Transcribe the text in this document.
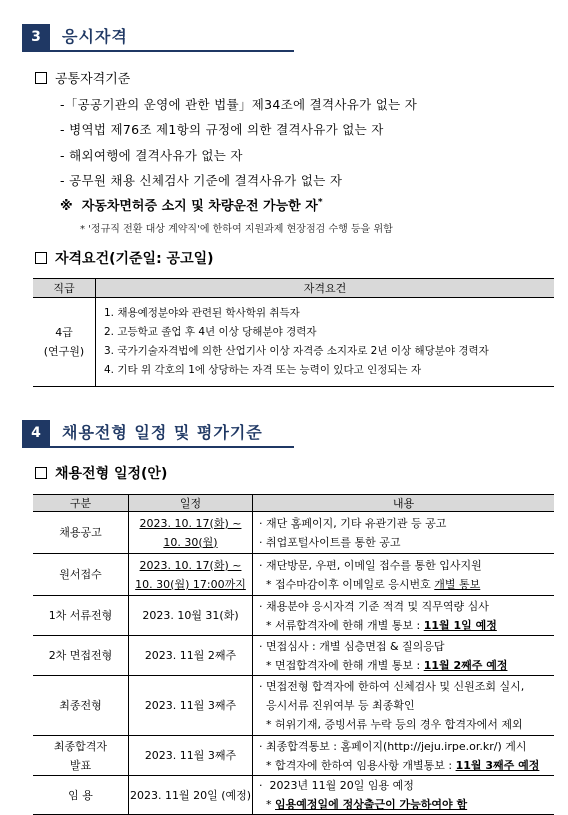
3	응시자격
공통자격기준
-「공공기관의 운영에 관한 법률」제34조에 결격사유가 없는 자
- 병역법 제76조 제1항의 규정에 의한 결격사유가 없는 자
- 해외여행에 결격사유가 없는 자
- 공무원 채용 신체검사 기준에 결격사유가 없는 자
※ 자동차면허증 소지 및 차량운전 가능한 자*
* '정규직 전환 대상 계약직'에 한하여 지원과제 현장점검 수행 등을 위함
자격요건(기준일: 공고일)
직급	자격요건

4급
(연구원)	1. 채용예정분야와 관련된 학사학위 취득자
2. 고등학교 졸업 후 4년 이상 당해분야 경력자
3. 국가기술자격법에 의한 산업기사 이상 자격증 소지자로 2년 이상 해당분야 경력자
4. 기타 위 각호의 1에 상당하는 자격 또는 능력이 있다고 인정되는 자
4	채용전형 일정 및 평가기준
채용전형 일정(안)
구분	일정	내용

채용공고	2023. 10. 17(화) ~
10. 30(월)	· 재단 홈페이지, 기타 유관기관 등 공고
· 취업포털사이트를 통한 공고

원서접수	2023. 10. 17(화) ~
10. 30(월) 17:00까지	· 재단방문, 우편, 이메일 접수를 통한 입사지원
* 접수마감이후 이메일로 응시번호 개별 통보

1차 서류전형	2023. 10월 31(화)	· 채용분야 응시자격 기준 적격 및 직무역량 심사
* 서류합격자에 한해 개별 통보 : 11월 1일 예정

2차 면접전형	2023. 11월 2째주	· 면접심사 : 개별 심층면접 & 질의응답
* 면접합격자에 한해 개별 통보 : 11월 2째주 예정

최종전형	2023. 11월 3째주	· 면접전형 합격자에 한하여 신체검사 및 신원조회 실시,
응시서류 진위여부 등 최종확인
* 허위기재, 증빙서류 누락 등의 경우 합격자에서 제외

최종합격자
발표	2023. 11월 3째주	· 최종합격통보 : 홈페이지(http://jeju.irpe.or.kr/) 게시
* 합격자에 한하여 임용사항 개별통보 : 11월 3째주 예정

임 용	2023. 11월 20일 (예정)	·  2023년 11월 20일 임용 예정
* 임용예정일에 정상출근이 가능하여야 함
